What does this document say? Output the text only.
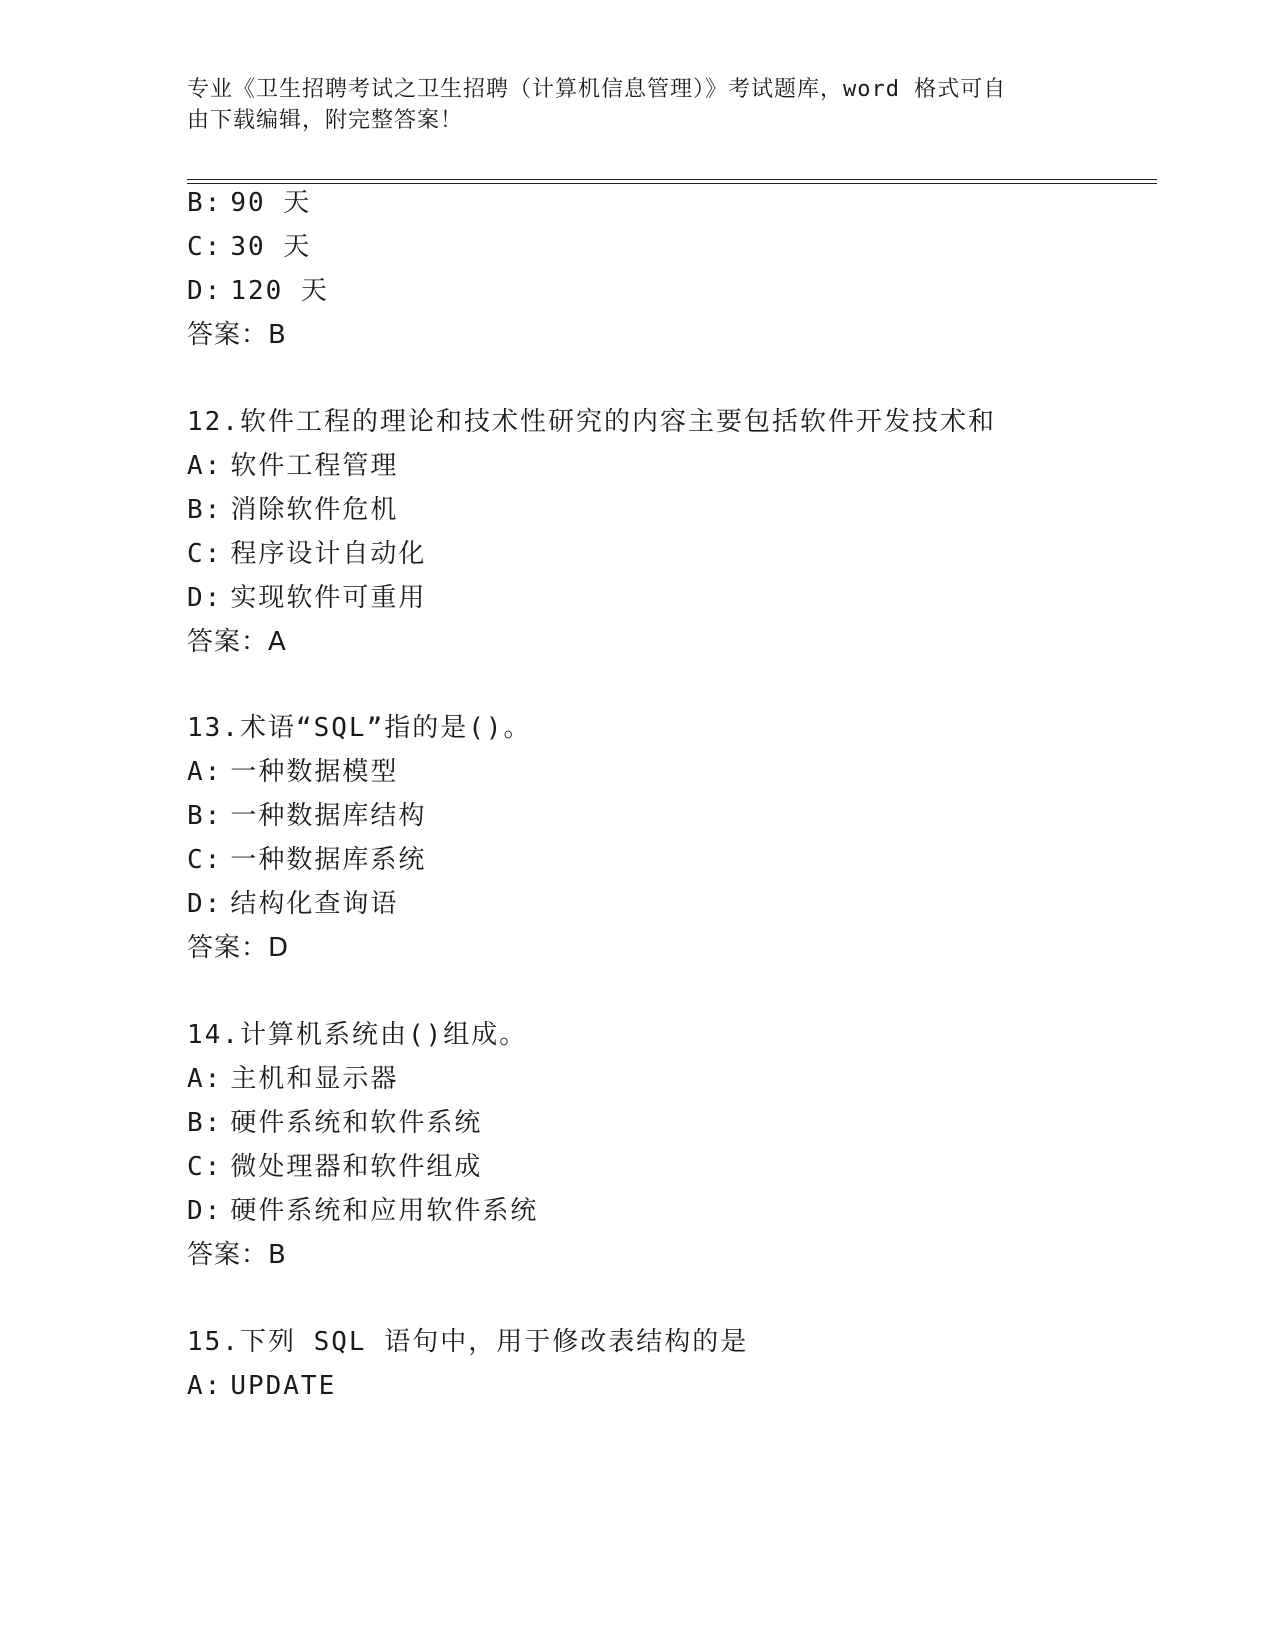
专业《卫生招聘考试之卫生招聘（计算机信息管理）》考试题库，word 格式可自
由下载编辑，附完整答案！
B: 90 天
C: 30 天
D: 120 天
答案：B
12.软件工程的理论和技术性研究的内容主要包括软件开发技术和
A: 软件工程管理
B: 消除软件危机
C: 程序设计自动化
D: 实现软件可重用
答案：A
13.术语“SQL”指的是()。
A: 一种数据模型
B: 一种数据库结构
C: 一种数据库系统
D: 结构化查询语
答案：D
14.计算机系统由()组成。
A: 主机和显示器
B: 硬件系统和软件系统
C: 微处理器和软件组成
D: 硬件系统和应用软件系统
答案：B
15.下列 SQL 语句中，用于修改表结构的是
A: UPDATE
